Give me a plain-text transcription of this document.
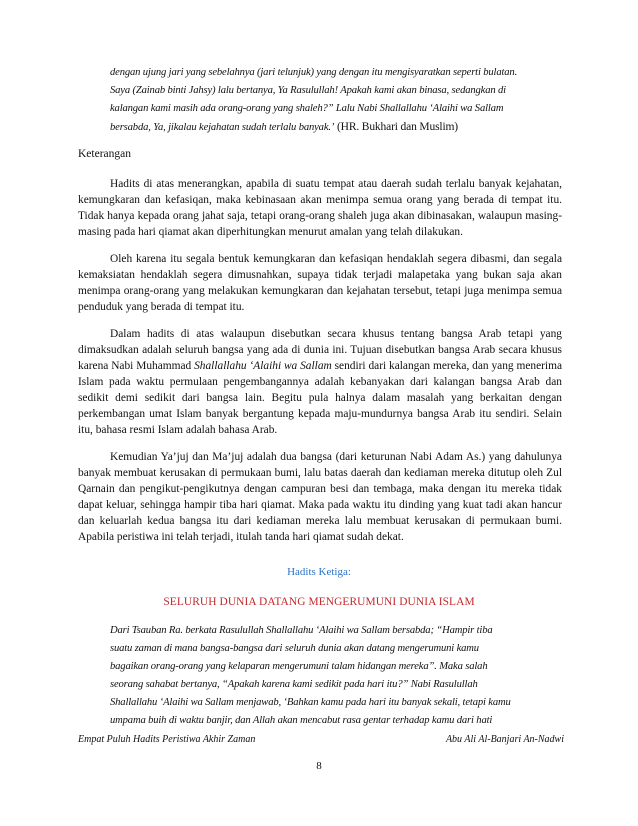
dengan ujung jari yang sebelahnya (jari telunjuk) yang dengan itu mengisyaratkan seperti bulatan.
Saya (Zainab binti Jahsy) lalu bertanya, Ya Rasulullah! Apakah kami akan binasa, sedangkan di
kalangan kami masih ada orang-orang yang shaleh?” Lalu Nabi Shallallahu ‘Alaihi wa Sallam
bersabda, Ya, jikalau kejahatan sudah terlalu banyak.’ (HR. Bukhari dan Muslim)
Keterangan

Hadits di atas menerangkan, apabila di suatu tempat atau daerah sudah terlalu banyak kejahatan, kemungkaran dan kefasiqan, maka kebinasaan akan menimpa semua orang yang berada di tempat itu. Tidak hanya kepada orang jahat saja, tetapi orang-orang shaleh juga akan dibinasakan, walaupun masing-masing pada hari qiamat akan diperhitungkan menurut amalan yang telah dilakukan.

Oleh karena itu segala bentuk kemungkaran dan kefasiqan hendaklah segera dibasmi, dan segala kemaksiatan hendaklah segera dimusnahkan, supaya tidak terjadi malapetaka yang bukan saja akan menimpa orang-orang yang melakukan kemungkaran dan kejahatan tersebut, tetapi juga menimpa semua penduduk yang berada di tempat itu.

Dalam hadits di atas walaupun disebutkan secara khusus tentang bangsa Arab tetapi yang dimaksudkan adalah seluruh bangsa yang ada di dunia ini. Tujuan disebutkan bangsa Arab secara khusus karena Nabi Muhammad Shallallahu ‘Alaihi wa Sallam sendiri dari kalangan mereka, dan yang menerima Islam pada waktu permulaan pengembangannya adalah kebanyakan dari kalangan bangsa Arab dan sedikit demi sedikit dari bangsa lain. Begitu pula halnya dalam masalah yang berkaitan dengan perkembangan umat Islam banyak bergantung kepada maju-mundurnya bangsa Arab itu sendiri. Selain itu, bahasa resmi Islam adalah bahasa Arab.

Kemudian Ya’juj dan Ma’juj adalah dua bangsa (dari keturunan Nabi Adam As.) yang dahulunya banyak membuat kerusakan di permukaan bumi, lalu batas daerah dan kediaman mereka ditutup oleh Zul Qarnain dan pengikut-pengikutnya dengan campuran besi dan tembaga, maka dengan itu mereka tidak dapat keluar, sehingga hampir tiba hari qiamat. Maka pada waktu itu dinding yang kuat tadi akan hancur dan keluarlah kedua bangsa itu dari kediaman mereka lalu membuat kerusakan di permukaan bumi. Apabila peristiwa ini telah terjadi, itulah tanda hari qiamat sudah dekat.

Hadits Ketiga:
SELURUH DUNIA DATANG MENGERUMUNI DUNIA ISLAM
Dari Tsauban Ra. berkata Rasulullah Shallallahu ‘Alaihi wa Sallam bersabda; “Hampir tiba
suatu zaman di mana bangsa-bangsa dari seluruh dunia akan datang mengerumuni kamu
bagaikan orang-orang yang kelaparan mengerumuni talam hidangan mereka”. Maka salah
seorang sahabat bertanya, “Apakah karena kami sedikit pada hari itu?” Nabi Rasulullah
Shallallahu ‘Alaihi wa Sallam menjawab, ‘Bahkan kamu pada hari itu banyak sekali, tetapi kamu
umpama buih di waktu banjir, dan Allah akan mencabut rasa gentar terhadap kamu dari hati
Empat Puluh Hadits Peristiwa Akhir Zaman	Abu Ali Al-Banjari An-Nadwi
8
